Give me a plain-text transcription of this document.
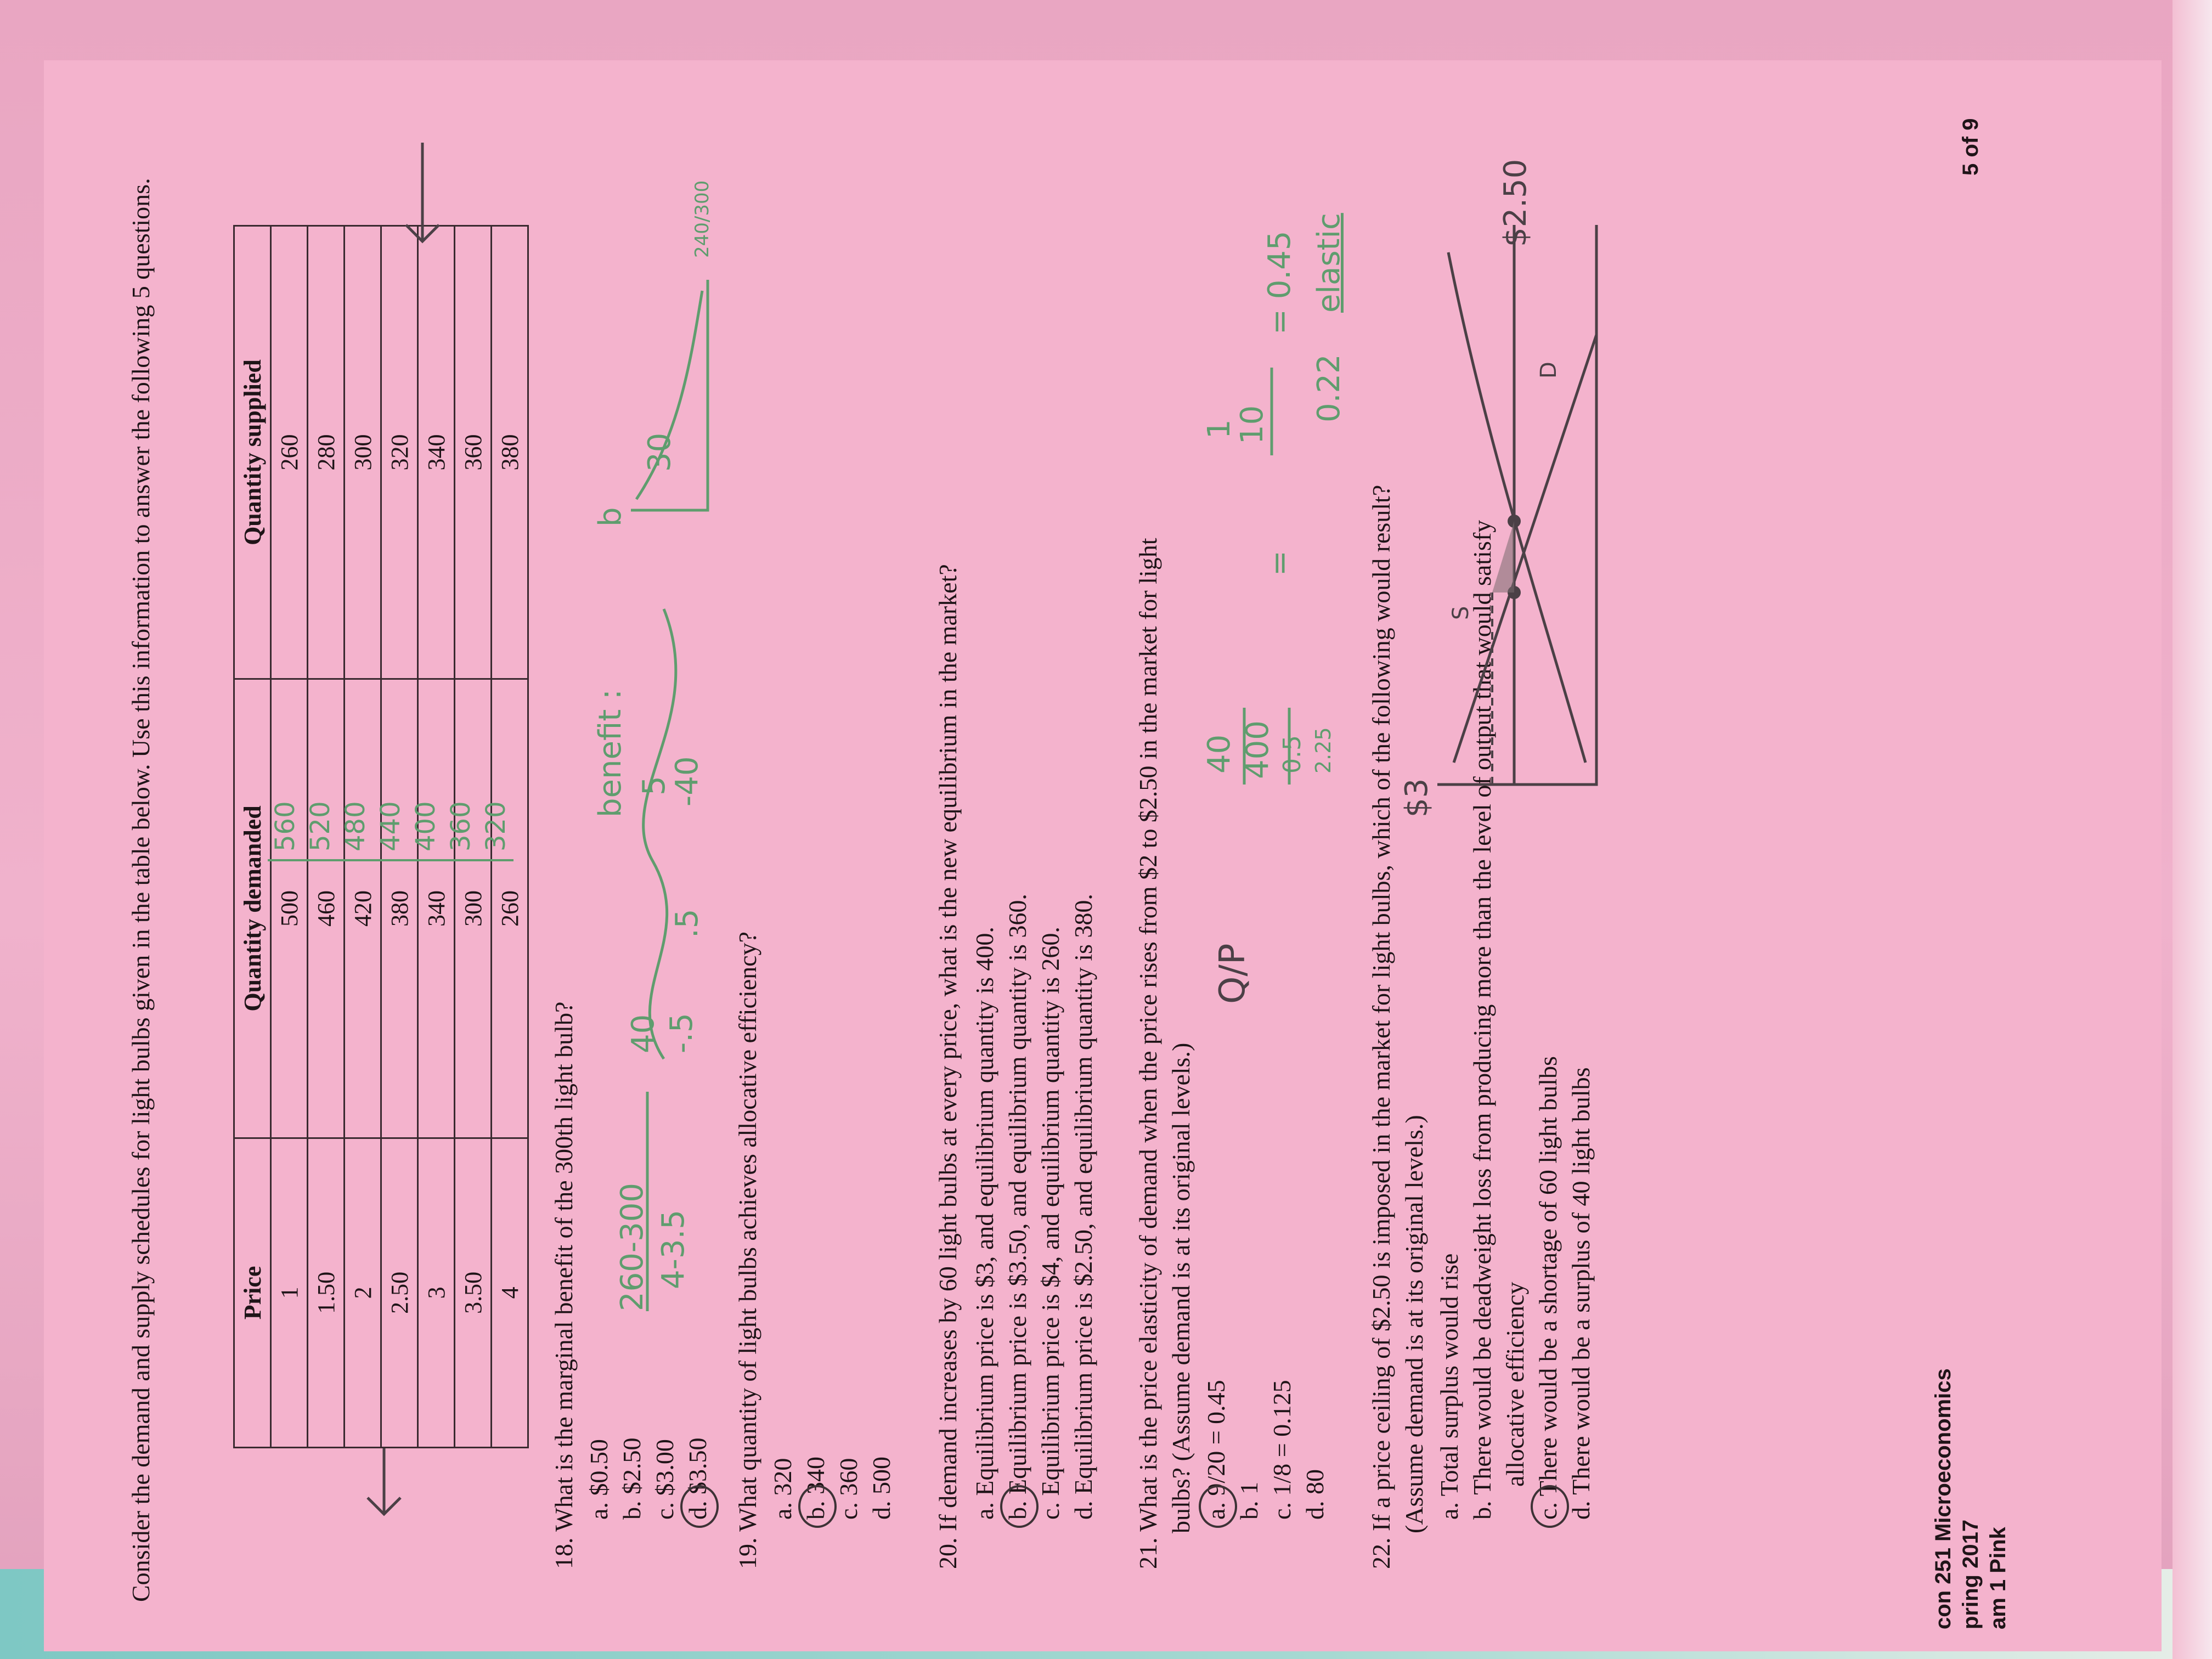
Consider the demand and supply schedules for light bulbs given in the table below. Use this information to answer the following 5 questions.	Price	Quantity demanded	Quantity supplied
1	500	260
1.50	460	280
2	420	300
2.50	380	320
3	340	340
3.50	300	360
4	260	380
560 520 480 440 400 360 320
18. What is the marginal benefit of the 300th light bulb? a. $0.50 b. $2.50 c. $3.00 d. $3.50
260-300 4-3.5
40 -.5
.5
benefit : 5
-40
30
b
240/300
19. What quantity of light bulbs achieves allocative efficiency? a. 320 b. 340 c. 360 d. 500 20. If demand increases by 60 light bulbs at every price, what is the new equilibrium in the market? a. Equilibrium price is $3, and equilibrium quantity is 400. b. Equilibrium price is $3.50, and equilibrium quantity is 360. c. Equilibrium price is $4, and equilibrium quantity is 260. d. Equilibrium price is $2.50, and equilibrium quantity is 380. 21. What is the price elasticity of demand when the price rises from $2 to $2.50 in the market for light bulbs? (Assume demand is at its original levels.) a. 9/20 = 0.45 b. 1 c. 1/8 = 0.125 d. 80
Q/P
40 400 0.5 2.25
1
10
=
= 0.45
0.22
elastic
22. If a price ceiling of $2.50 is imposed in the market for light bulbs, which of the following would result? (Assume demand is at its original levels.) a. Total surplus would rise b. There would be deadweight loss from producing more than the level of output that would satisfy allocative efficiency c. There would be a shortage of 60 light bulbs d. There would be a surplus of 40 light bulbs
$3
$2.50
S
D
con 251 Microeconomics pring 2017 am 1 Pink
5 of 9
